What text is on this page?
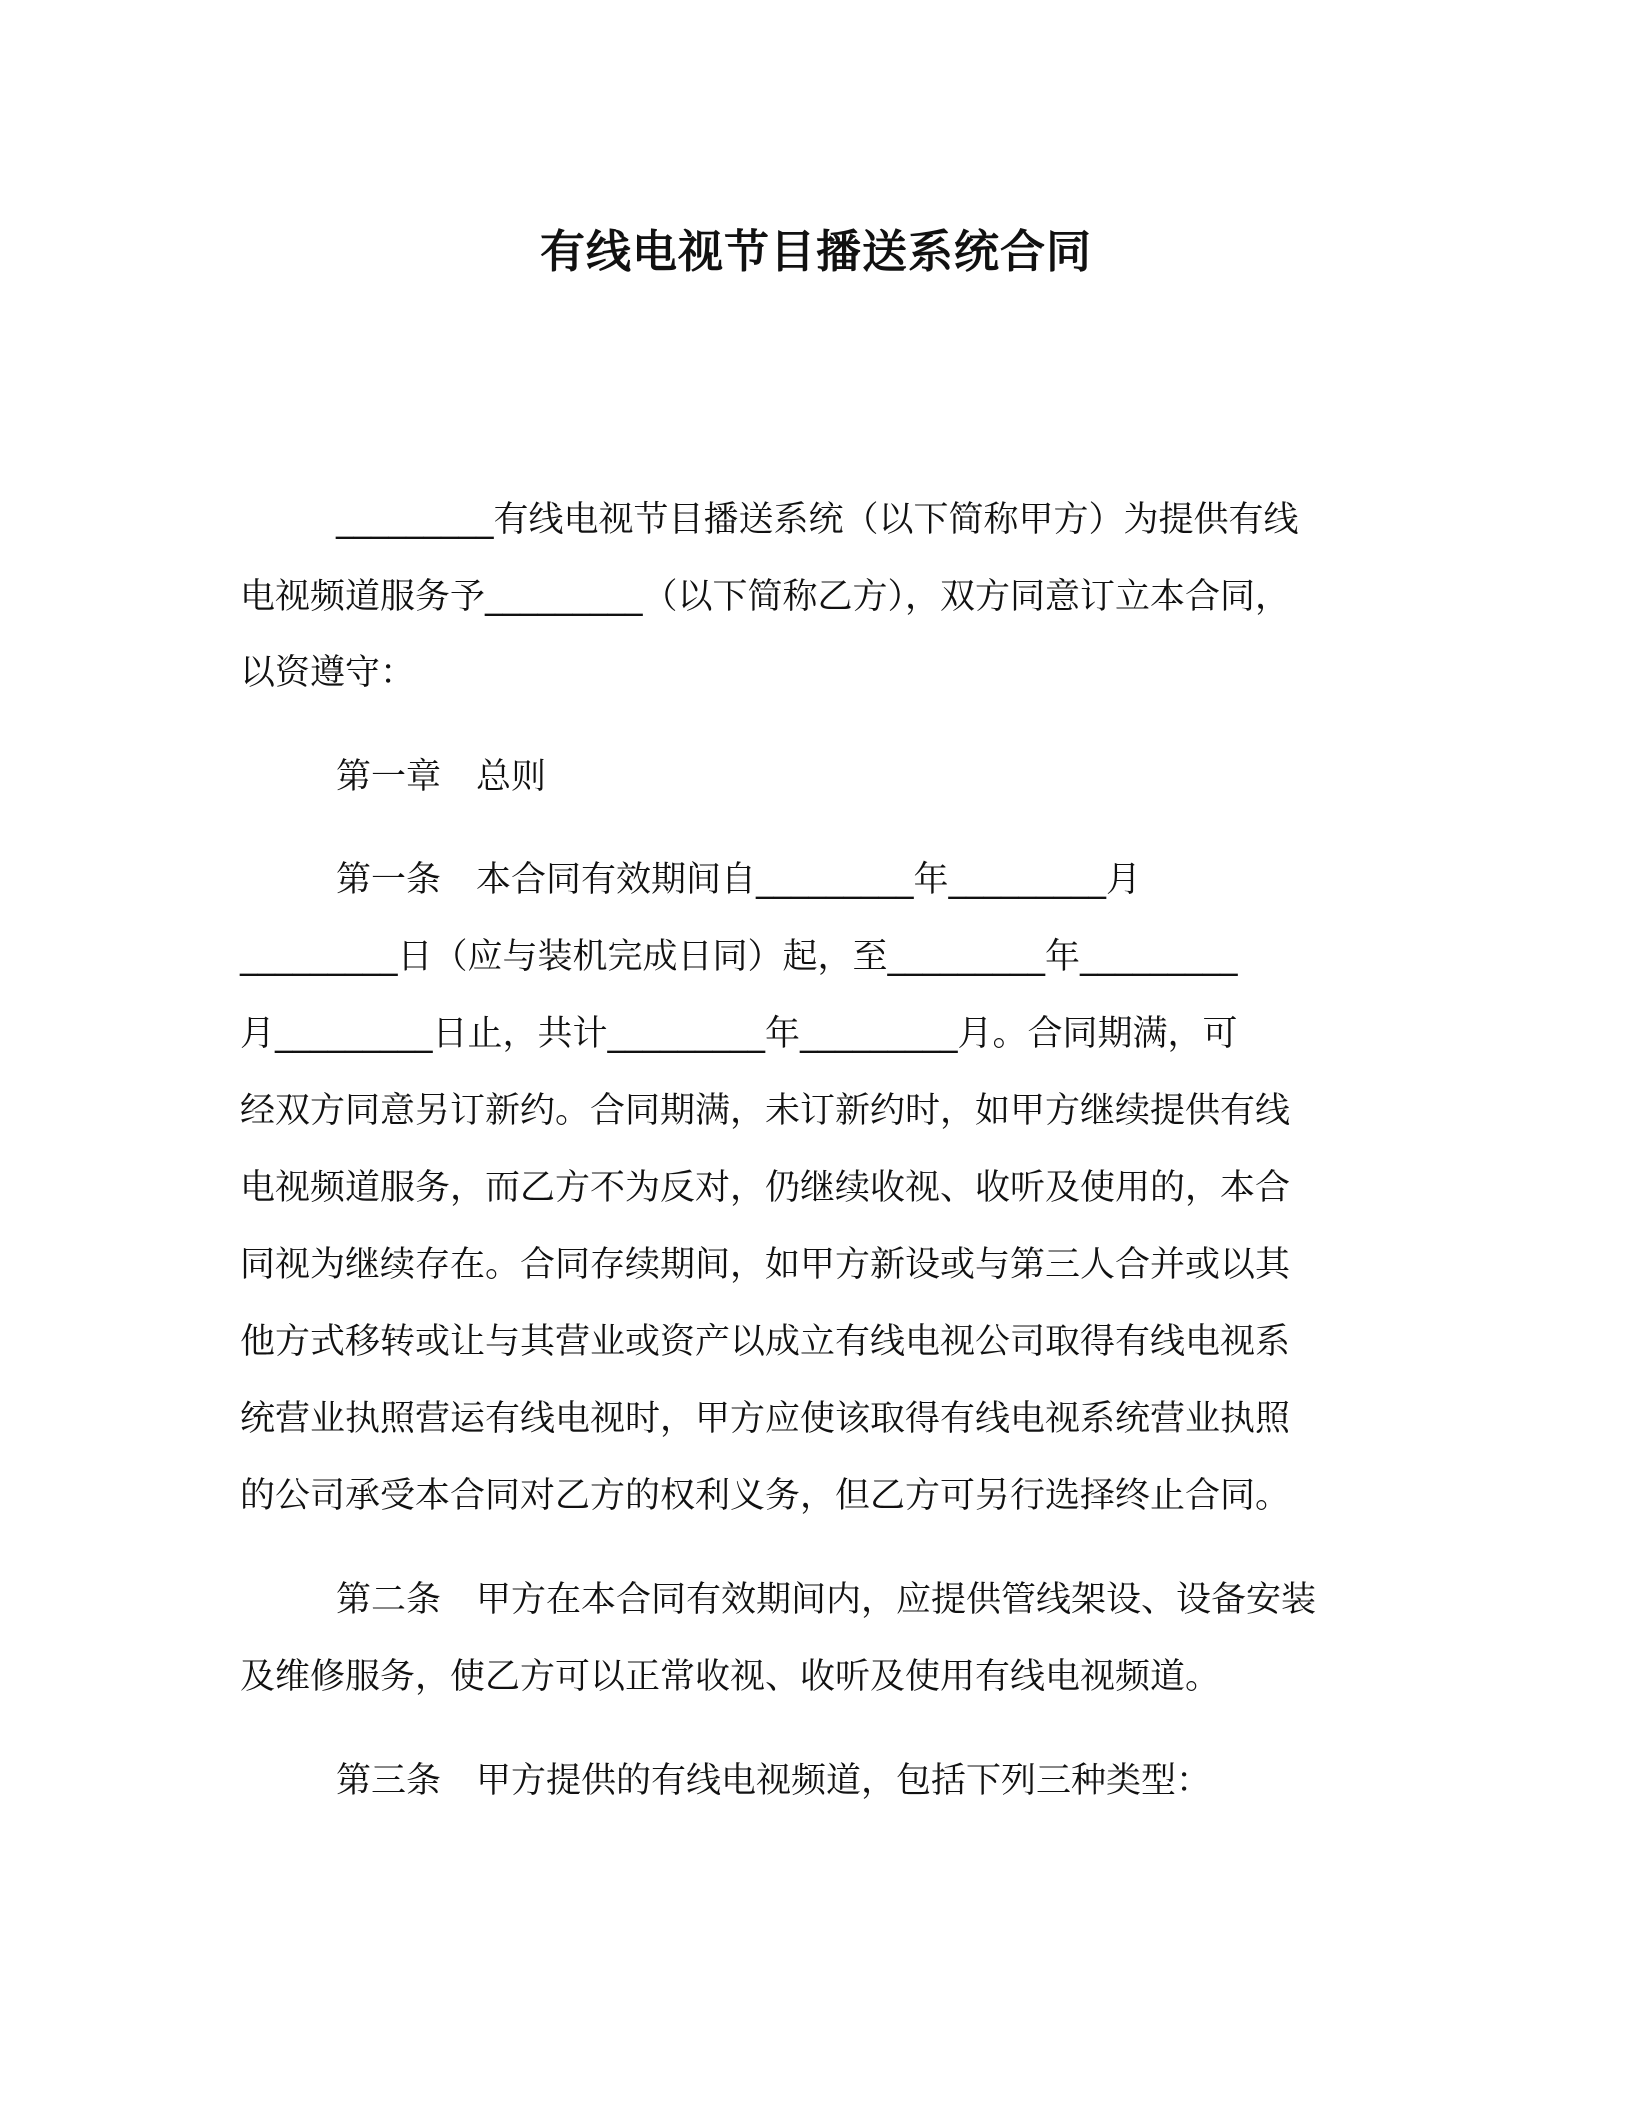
有线电视节目播送系统合同
_________有线电视节目播送系统（以下简称甲方）为提供有线
电视频道服务予_________（以下简称乙方），双方同意订立本合同，
以资遵守：
第一章　总则
第一条　本合同有效期间自_________年_________月
_________日（应与装机完成日同）起，至_________年_________
月_________日止，共计_________年_________月。合同期满，可
经双方同意另订新约。合同期满，未订新约时，如甲方继续提供有线
电视频道服务，而乙方不为反对，仍继续收视、收听及使用的，本合
同视为继续存在。合同存续期间，如甲方新设或与第三人合并或以其
他方式移转或让与其营业或资产以成立有线电视公司取得有线电视系
统营业执照营运有线电视时，甲方应使该取得有线电视系统营业执照
的公司承受本合同对乙方的权利义务，但乙方可另行选择终止合同。
第二条　甲方在本合同有效期间内，应提供管线架设、设备安装
及维修服务，使乙方可以正常收视、收听及使用有线电视频道。
第三条　甲方提供的有线电视频道，包括下列三种类型：
